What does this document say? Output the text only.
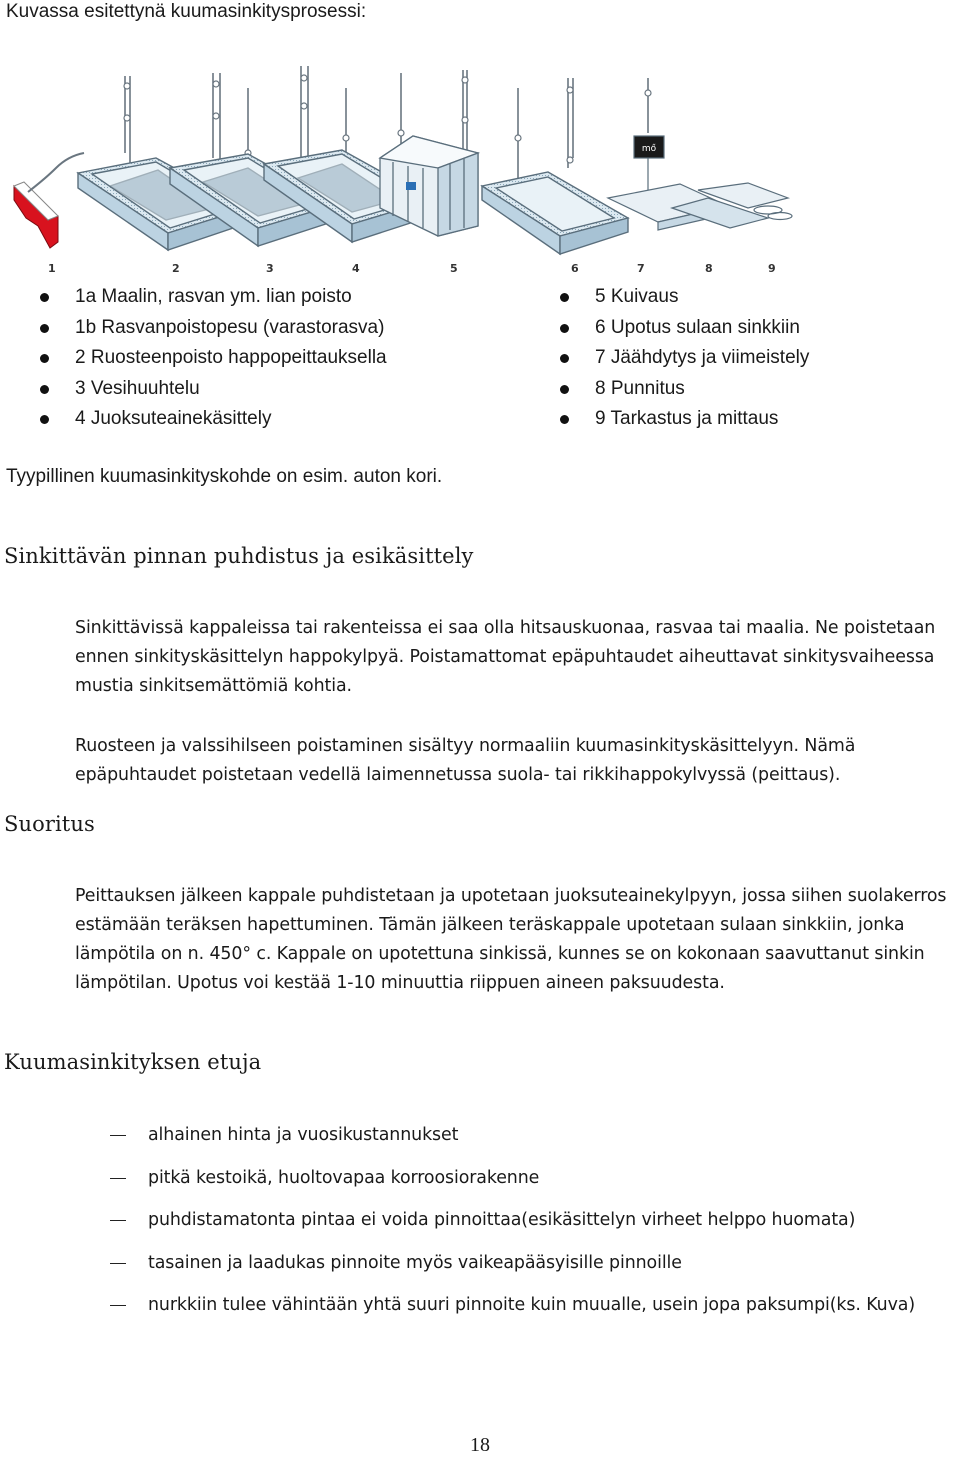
Kuvassa esitettynä kuumasinkitysprosessi:
mő
1	2	3	4	5	6	7	8	9
1a Maalin, rasvan ym. lian poisto
1b Rasvanpoistopesu (varastorasva)
2 Ruosteenpoisto happopeittauksella
3 Vesihuuhtelu
4 Juoksuteainekäsittely
5 Kuivaus
6 Upotus sulaan sinkkiin
7 Jäähdytys ja viimeistely
8 Punnitus
9 Tarkastus ja mittaus
Tyypillinen kuumasinkityskohde on esim. auton kori.
Sinkittävän pinnan puhdistus ja esikäsittely
Sinkittävissä kappaleissa tai rakenteissa ei saa olla hitsauskuonaa, rasvaa tai maalia. Ne poistetaan ennen sinkityskäsittelyn happokylpyä. Poistamattomat epäpuhtaudet aiheuttavat sinkitysvaiheessa mustia sinkitsemättömiä kohtia.
Ruosteen ja valssihilseen poistaminen sisältyy normaaliin kuumasinkityskäsittelyyn. Nämä epäpuhtaudet poistetaan vedellä laimennetussa suola- tai rikkihappokylvyssä (peittaus).
Suoritus
Peittauksen jälkeen kappale puhdistetaan ja upotetaan juoksuteainekylpyyn, jossa siihen suolakerros estämään teräksen hapettuminen. Tämän jälkeen teräskappale upotetaan sulaan sinkkiin, jonka lämpötila on n. 450° c. Kappale on upotettuna sinkissä, kunnes se on kokonaan saavuttanut sinkin lämpötilan. Upotus voi kestää 1-10 minuuttia riippuen aineen paksuudesta.
Kuumasinkityksen etuja
alhainen hinta ja vuosikustannukset
pitkä kestoikä, huoltovapaa korroosiorakenne
puhdistamatonta pintaa ei voida pinnoittaa(esikäsittelyn virheet helppo huomata)
tasainen ja laadukas pinnoite myös vaikeapääsyisille pinnoille
nurkkiin tulee vähintään yhtä suuri pinnoite kuin muualle, usein jopa paksumpi(ks. Kuva)
18
